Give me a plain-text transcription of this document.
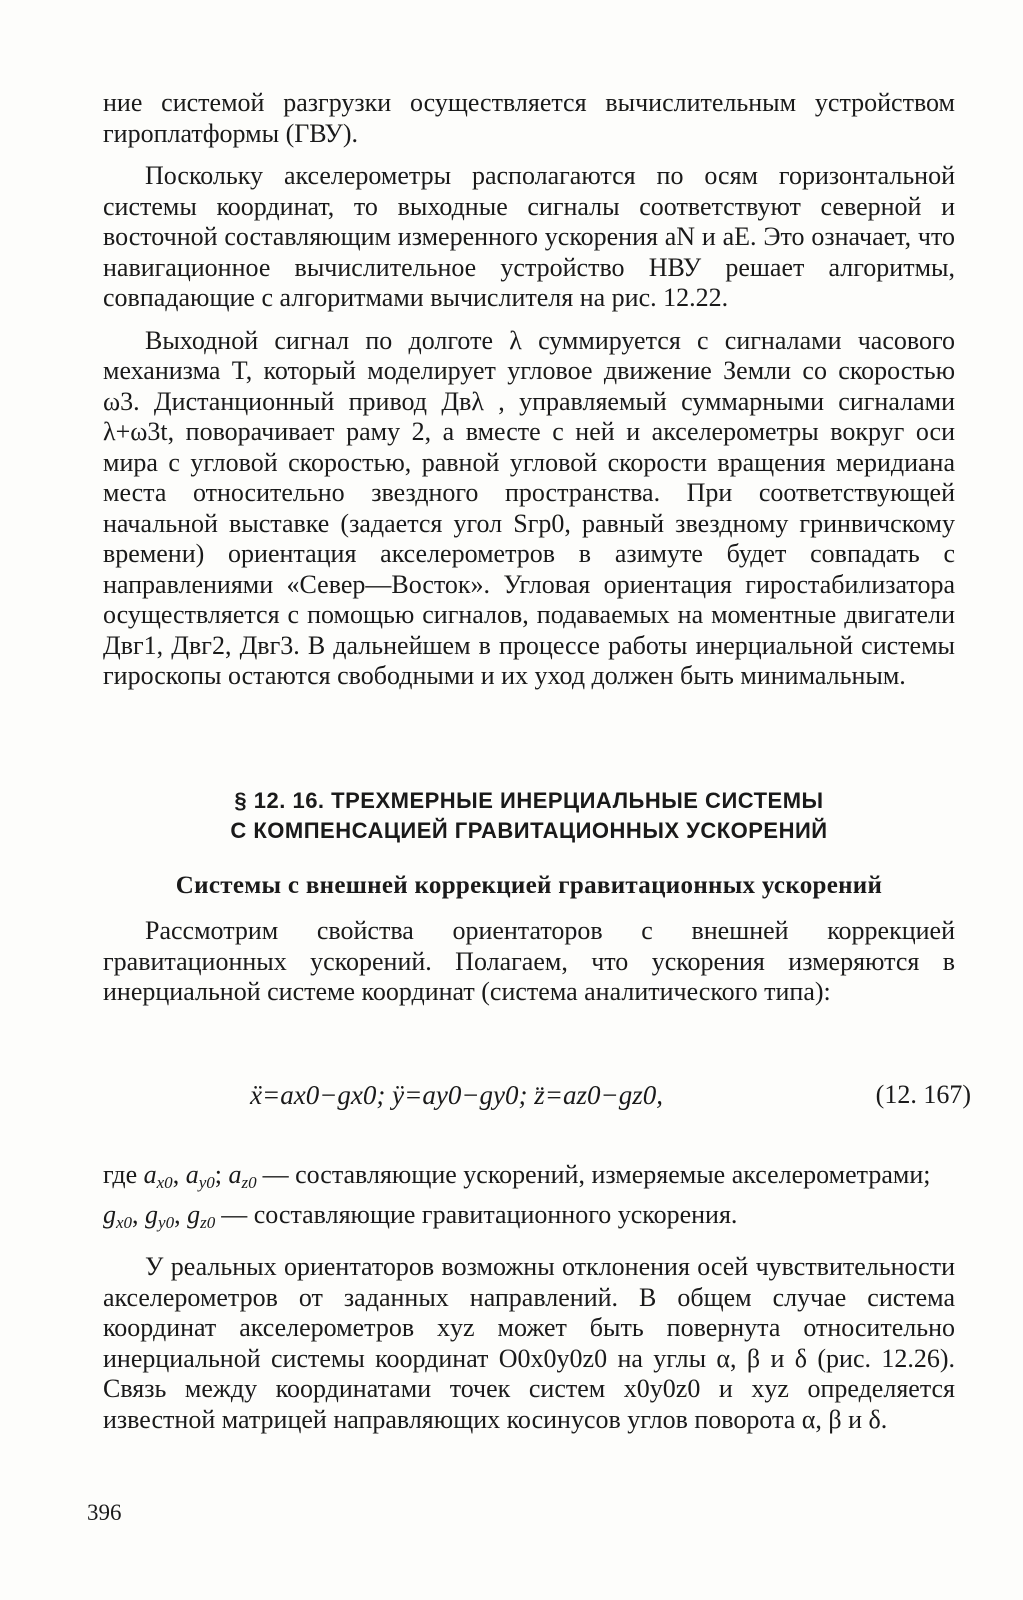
ние системой разгрузки осуществляется вычислительным устройством гироплатформы (ГВУ).

Поскольку акселерометры располагаются по осям горизонтальной системы координат, то выходные сигналы соответствуют северной и восточной составляющим измеренного ускорения aN и aE. Это означает, что навигационное вычислительное устройство НВУ решает алгоритмы, совпадающие с алгоритмами вычислителя на рис. 12.22.

Выходной сигнал по долготе λ суммируется с сигналами часового механизма T, который моделирует угловое движение Земли со скоростью ω3. Дистанционный привод Двλ , управляемый суммарными сигналами λ+ω3t, поворачивает раму 2, а вместе с ней и акселерометры вокруг оси мира с угловой скоростью, равной угловой скорости вращения меридиана места относительно звездного пространства. При соответствующей начальной выставке (задается угол Sгр0, равный звездному гринвичскому времени) ориентация акселерометров в азимуте будет совпадать с направлениями «Север—Восток». Угловая ориентация гиростабилизатора осуществляется с помощью сигналов, подаваемых на моментные двигатели Двг1, Двг2, Двг3. В дальнейшем в процессе работы инерциальной системы гироскопы остаются свободными и их уход должен быть минимальным.

§ 12. 16. ТРЕХМЕРНЫЕ ИНЕРЦИАЛЬНЫЕ СИСТЕМЫ
С КОМПЕНСАЦИЕЙ ГРАВИТАЦИОННЫХ УСКОРЕНИЙ
Системы с внешней коррекцией гравитационных ускорений

Рассмотрим свойства ориентаторов с внешней коррекцией гравитационных ускорений. Полагаем, что ускорения измеряются в инерциальной системе координат (система аналитического типа):

ẍ=ax0−gx0; ÿ=ay0−gy0; z̈=az0−gz0,	(12. 167)
где $a_{x0}$, $a_{y0}$; $a_{z0}$ — составляющие ускорений, измеряемые акселерометрами;
$g_{x0}$, $g_{y0}$, $g_{z0}$ — составляющие гравитационного ускорения.

У реальных ориентаторов возможны отклонения осей чувствительности акселерометров от заданных направлений. В общем случае система координат акселерометров xyz может быть повернута относительно инерциальной системы координат O0x0y0z0 на углы α, β и δ (рис. 12.26). Связь между координатами точек систем x0y0z0 и xyz определяется известной матрицей направляющих косинусов углов поворота α, β и δ.

396
